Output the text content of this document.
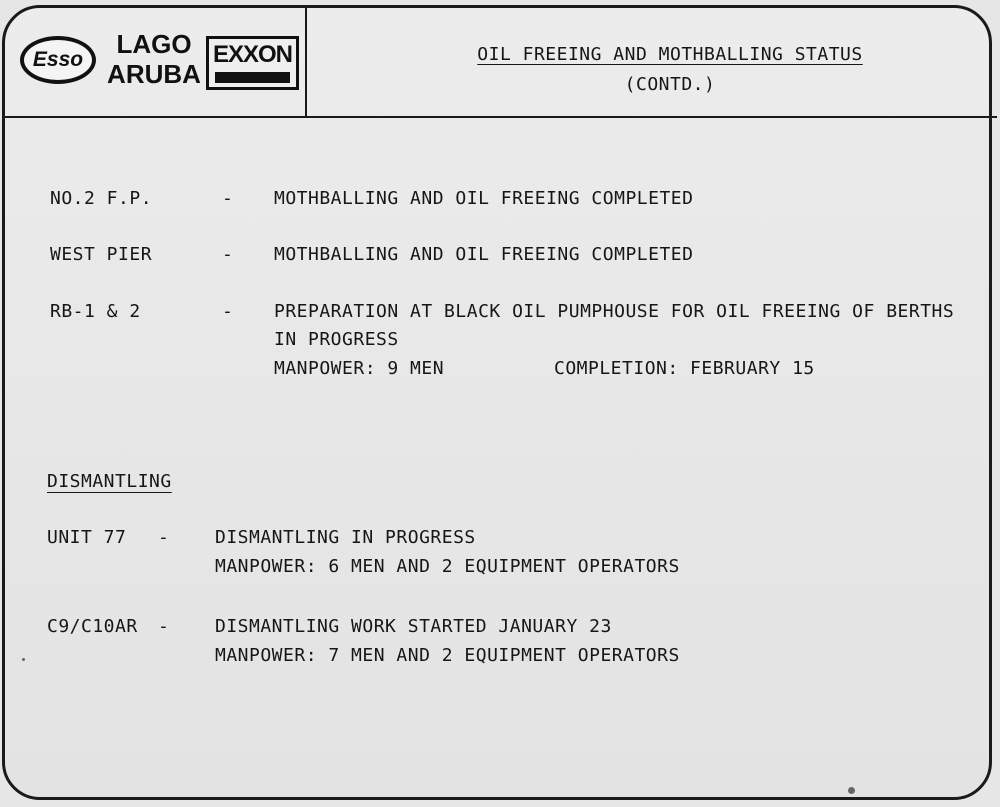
Esso
LAGO
ARUBA
EXXON	OIL FREEING AND MOTHBALLING STATUS
(CONTD.)
NO.2 F.P.	- MOTHBALLING AND OIL FREEING COMPLETED
WEST PIER	- MOTHBALLING AND OIL FREEING COMPLETED
RB-1 & 2	- PREPARATION AT BLACK OIL PUMPHOUSE FOR OIL FREEING OF BERTHS
IN PROGRESS
MANPOWER: 9 MEN	COMPLETION: FEBRUARY 15
DISMANTLING
UNIT 77 -	DISMANTLING IN PROGRESS
MANPOWER: 6 MEN AND 2 EQUIPMENT OPERATORS
C9/C10AR -	DISMANTLING WORK STARTED JANUARY 23
MANPOWER: 7 MEN AND 2 EQUIPMENT OPERATORS
